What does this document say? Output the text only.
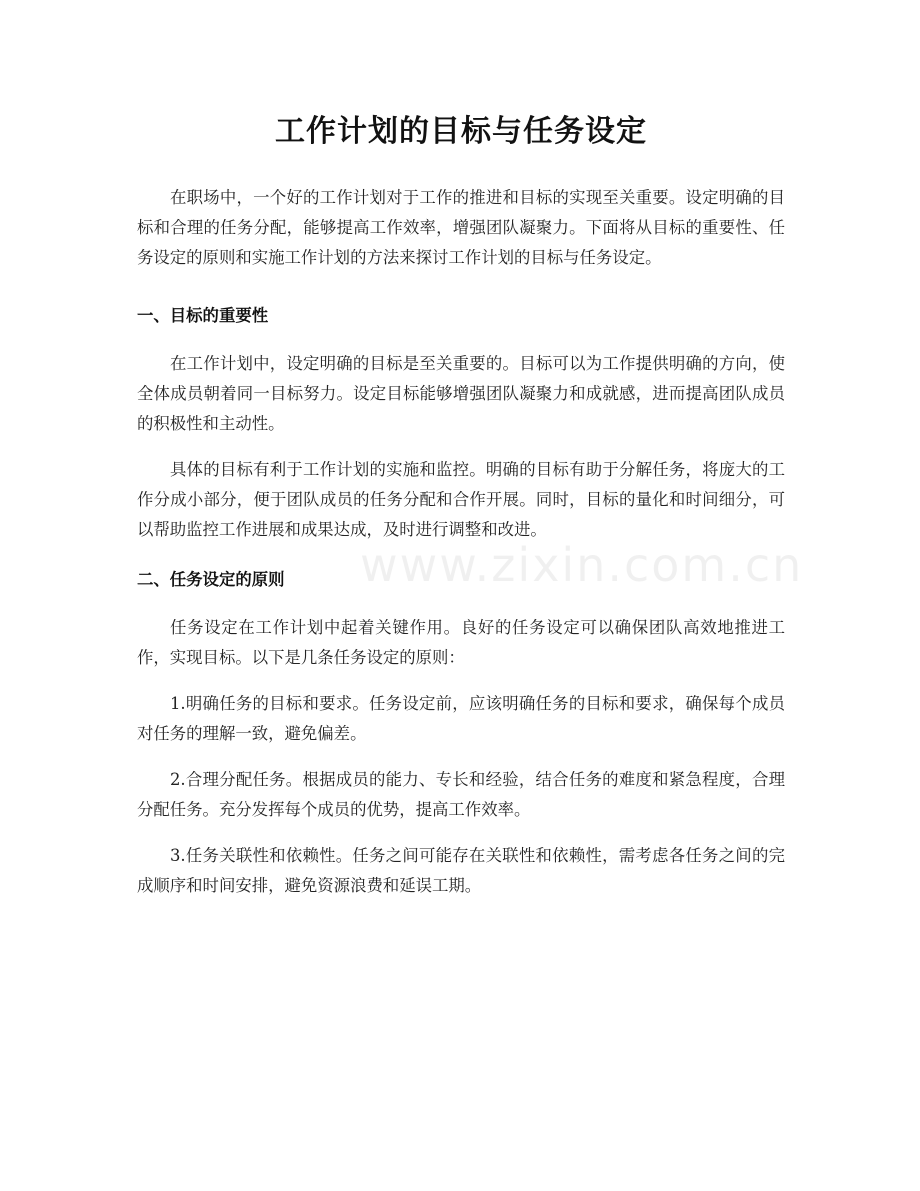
工作计划的目标与任务设定

在职场中，一个好的工作计划对于工作的推进和目标的实现至关重要。设定明确的目标和合理的任务分配，能够提高工作效率，增强团队凝聚力。下面将从目标的重要性、任务设定的原则和实施工作计划的方法来探讨工作计划的目标与任务设定。

一、目标的重要性

在工作计划中，设定明确的目标是至关重要的。目标可以为工作提供明确的方向，使全体成员朝着同一目标努力。设定目标能够增强团队凝聚力和成就感，进而提高团队成员的积极性和主动性。

具体的目标有利于工作计划的实施和监控。明确的目标有助于分解任务，将庞大的工作分成小部分，便于团队成员的任务分配和合作开展。同时，目标的量化和时间细分，可以帮助监控工作进展和成果达成，及时进行调整和改进。

二、任务设定的原则

任务设定在工作计划中起着关键作用。良好的任务设定可以确保团队高效地推进工作，实现目标。以下是几条任务设定的原则：

1.明确任务的目标和要求。任务设定前，应该明确任务的目标和要求，确保每个成员对任务的理解一致，避免偏差。

2.合理分配任务。根据成员的能力、专长和经验，结合任务的难度和紧急程度，合理分配任务。充分发挥每个成员的优势，提高工作效率。

3.任务关联性和依赖性。任务之间可能存在关联性和依赖性，需考虑各任务之间的完成顺序和时间安排，避免资源浪费和延误工期。

www.zixin.com.cn
